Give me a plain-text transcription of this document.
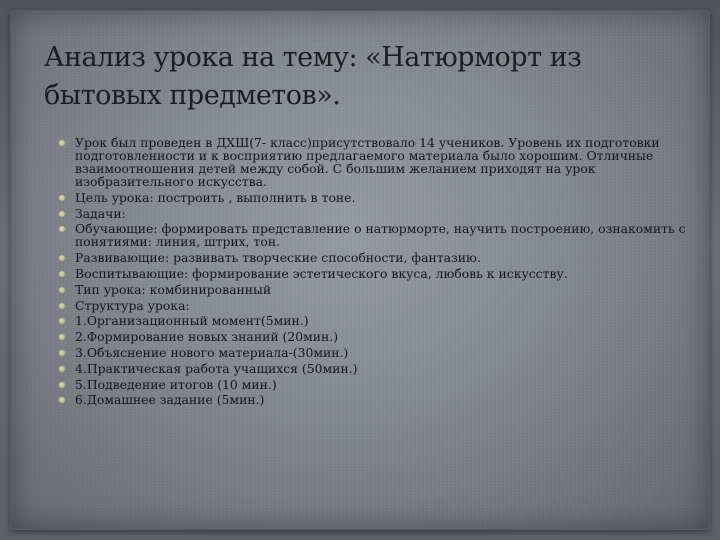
Анализ урока на тему: «Натюрморт из бытовых предметов».
Урок был проведен в ДХШ(7- класс)присутствовало 14 учеников. Уровень их подготовки подготовленности и к восприятию предлагаемого материала было хорошим. Отличные взаимоотношения детей между собой. С большим желанием приходят на урок изобразительного искусства.
Цель урока: построить , выполнить в тоне.
Задачи:
Обучающие: формировать представление о натюрморте, научить построению, ознакомить с понятиями: линия, штрих, тон.
Развивающие: развивать творческие способности, фантазию.
Воспитывающие: формирование эстетического вкуса, любовь к искусству.
Тип урока: комбинированный
Структура урока:
1.Организационный момент(5мин.)
2.Формирование новых знаний (20мин.)
3.Объяснение нового материала-(30мин.)
4.Практическая работа учащихся (50мин.)
5.Подведение итогов (10 мин.)
6.Домашнее задание (5мин.)
